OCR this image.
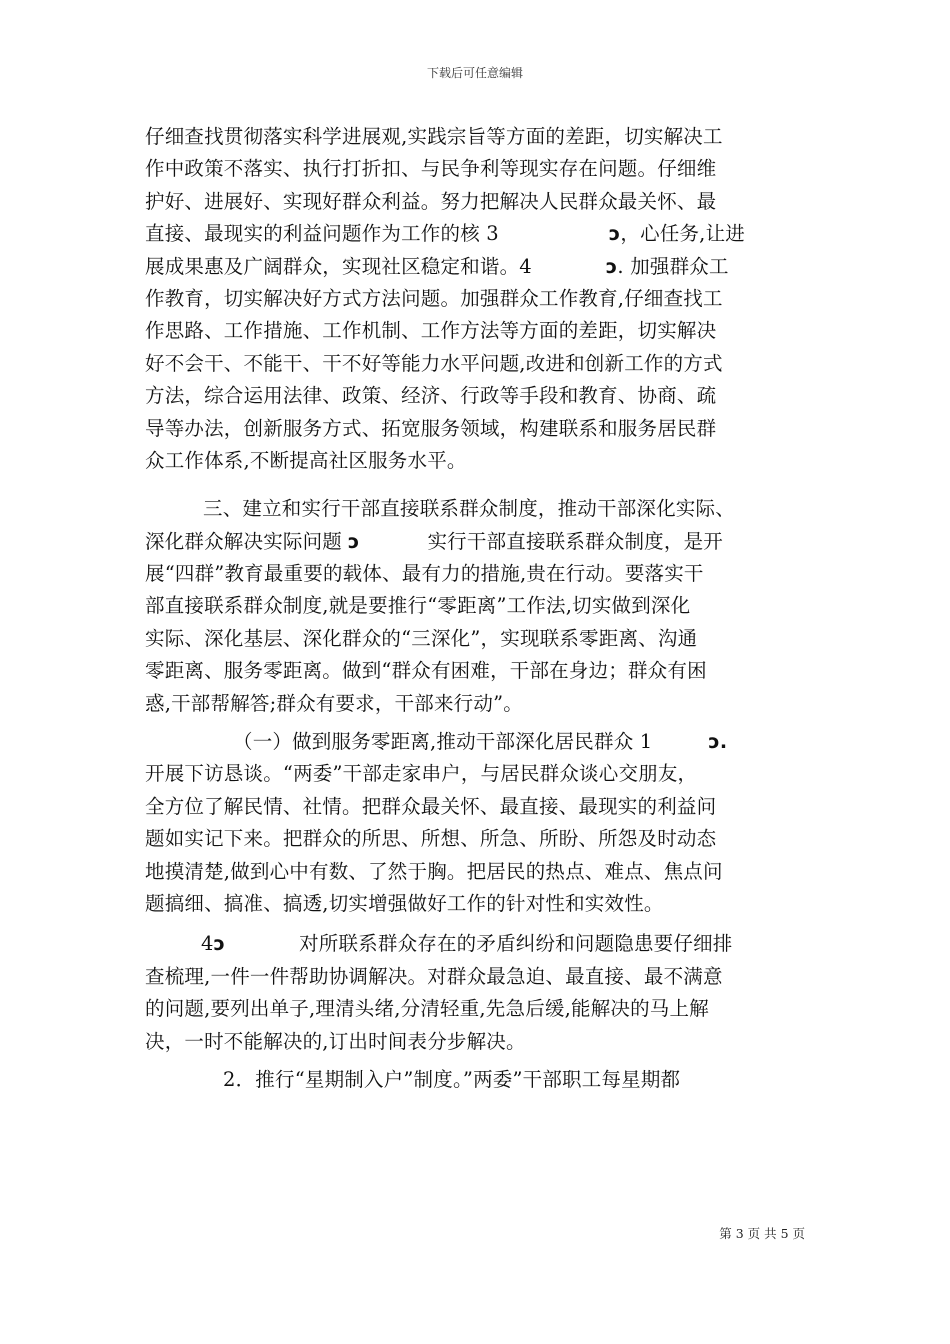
下载后可任意编辑
仔细查找贯彻落实科学进展观,实践宗旨等方面的差距，切实解决工
作中政策不落实、执行打折扣、与民争利等现实存在问题。仔细维
护好、进展好、实现好群众利益。努力把解决人民群众最关怀、最
直接、最现实的利益问题作为工作的核 3	ↄ，心任务,让进
展成果惠及广阔群众，实现社区稳定和谐。4	ↄ. 加强群众工
作教育，切实解决好方式方法问题。加强群众工作教育,仔细查找工
作思路、工作措施、工作机制、工作方法等方面的差距，切实解决
好不会干、不能干、干不好等能力水平问题,改进和创新工作的方式
方法，综合运用法律、政策、经济、行政等手段和教育、协商、疏
导等办法，创新服务方式、拓宽服务领域，构建联系和服务居民群
众工作体系,不断提高社区服务水平。
三、建立和实行干部直接联系群众制度，推动干部深化实际、
深化群众解决实际问题 ↄ	实行干部直接联系群众制度，是开
展“四群”教育最重要的载体、最有力的措施,贵在行动。要落实干
部直接联系群众制度,就是要推行“零距离”工作法,切实做到深化
实际、深化基层、深化群众的“三深化”，实现联系零距离、沟通
零距离、服务零距离。做到“群众有困难，干部在身边；群众有困
惑,干部帮解答;群众有要求，干部来行动”。
（一）做到服务零距离,推动干部深化居民群众 1	ↄ.
开展下访恳谈。“两委”干部走家串户，与居民群众谈心交朋友，
全方位了解民情、社情。把群众最关怀、最直接、最现实的利益问
题如实记下来。把群众的所思、所想、所急、所盼、所怨及时动态
地摸清楚,做到心中有数、了然于胸。把居民的热点、难点、焦点问
题搞细、搞准、搞透,切实增强做好工作的针对性和实效性。
4ↄ	对所联系群众存在的矛盾纠纷和问题隐患要仔细排
查梳理,一件一件帮助协调解决。对群众最急迫、最直接、最不满意
的问题,要列出单子,理清头绪,分清轻重,先急后缓,能解决的马上解
决，一时不能解决的,订出时间表分步解决。
2．推行“星期制入户”制度。”两委”干部职工每星期都
第 3 页 共 5 页
